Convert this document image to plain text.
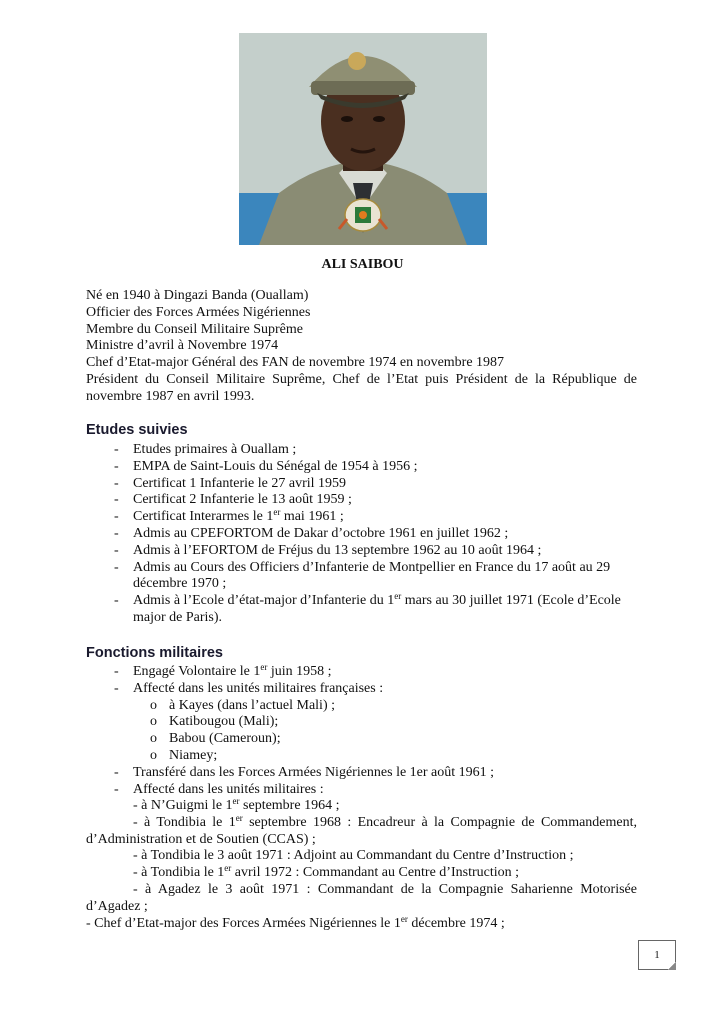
ALI SAIBOU

Né en 1940 à Dingazi Banda (Ouallam)

Officier des Forces Armées Nigériennes

Membre du Conseil Militaire Suprême

Ministre d’avril à Novembre 1974

Chef d’Etat-major Général des FAN de novembre 1974 en novembre 1987

Président du Conseil Militaire Suprême, Chef de l’Etat puis Président de la République de novembre 1987 en avril 1993.

Etudes suivies
- Etudes primaires à Ouallam ;
- EMPA de Saint-Louis du Sénégal de 1954 à 1956 ;
- Certificat 1 Infanterie le 27 avril 1959
- Certificat 2 Infanterie le 13 août 1959 ;
- Certificat Interarmes le 1er mai 1961 ;
- Admis au CPEFORTOM de Dakar d’octobre 1961 en juillet 1962 ;
- Admis à l’EFORTOM de Fréjus du 13 septembre 1962 au 10 août 1964 ;
- Admis au Cours des Officiers d’Infanterie de Montpellier en France du 17 août au 29 décembre 1970 ;
- Admis à l’Ecole d’état-major d’Infanterie du 1er mars au 30 juillet 1971 (Ecole d’Ecole major de Paris).
Fonctions militaires
- Engagé Volontaire le 1er juin 1958 ;
- Affecté dans les unités militaires françaises :
o à Kayes (dans l’actuel Mali) ;
o Katibougou (Mali);
o Babou (Cameroun);
o Niamey;
- Transféré dans les Forces Armées Nigériennes le 1er août 1961 ;
- Affecté dans les unités militaires :
- à N’Guigmi le 1er septembre 1964 ;
- à Tondibia le 1er septembre 1968 : Encadreur à la Compagnie de Commandement, d’Administration et de Soutien (CCAS) ;
- à Tondibia le 3 août 1971 : Adjoint au Commandant du Centre d’Instruction ;
- à Tondibia le 1er avril 1972 : Commandant au Centre d’Instruction ;
- à Agadez le 3 août 1971 : Commandant de la Compagnie Saharienne Motorisée d’Agadez ;
- Chef d’Etat-major des Forces Armées Nigériennes le 1er décembre 1974 ;
1
